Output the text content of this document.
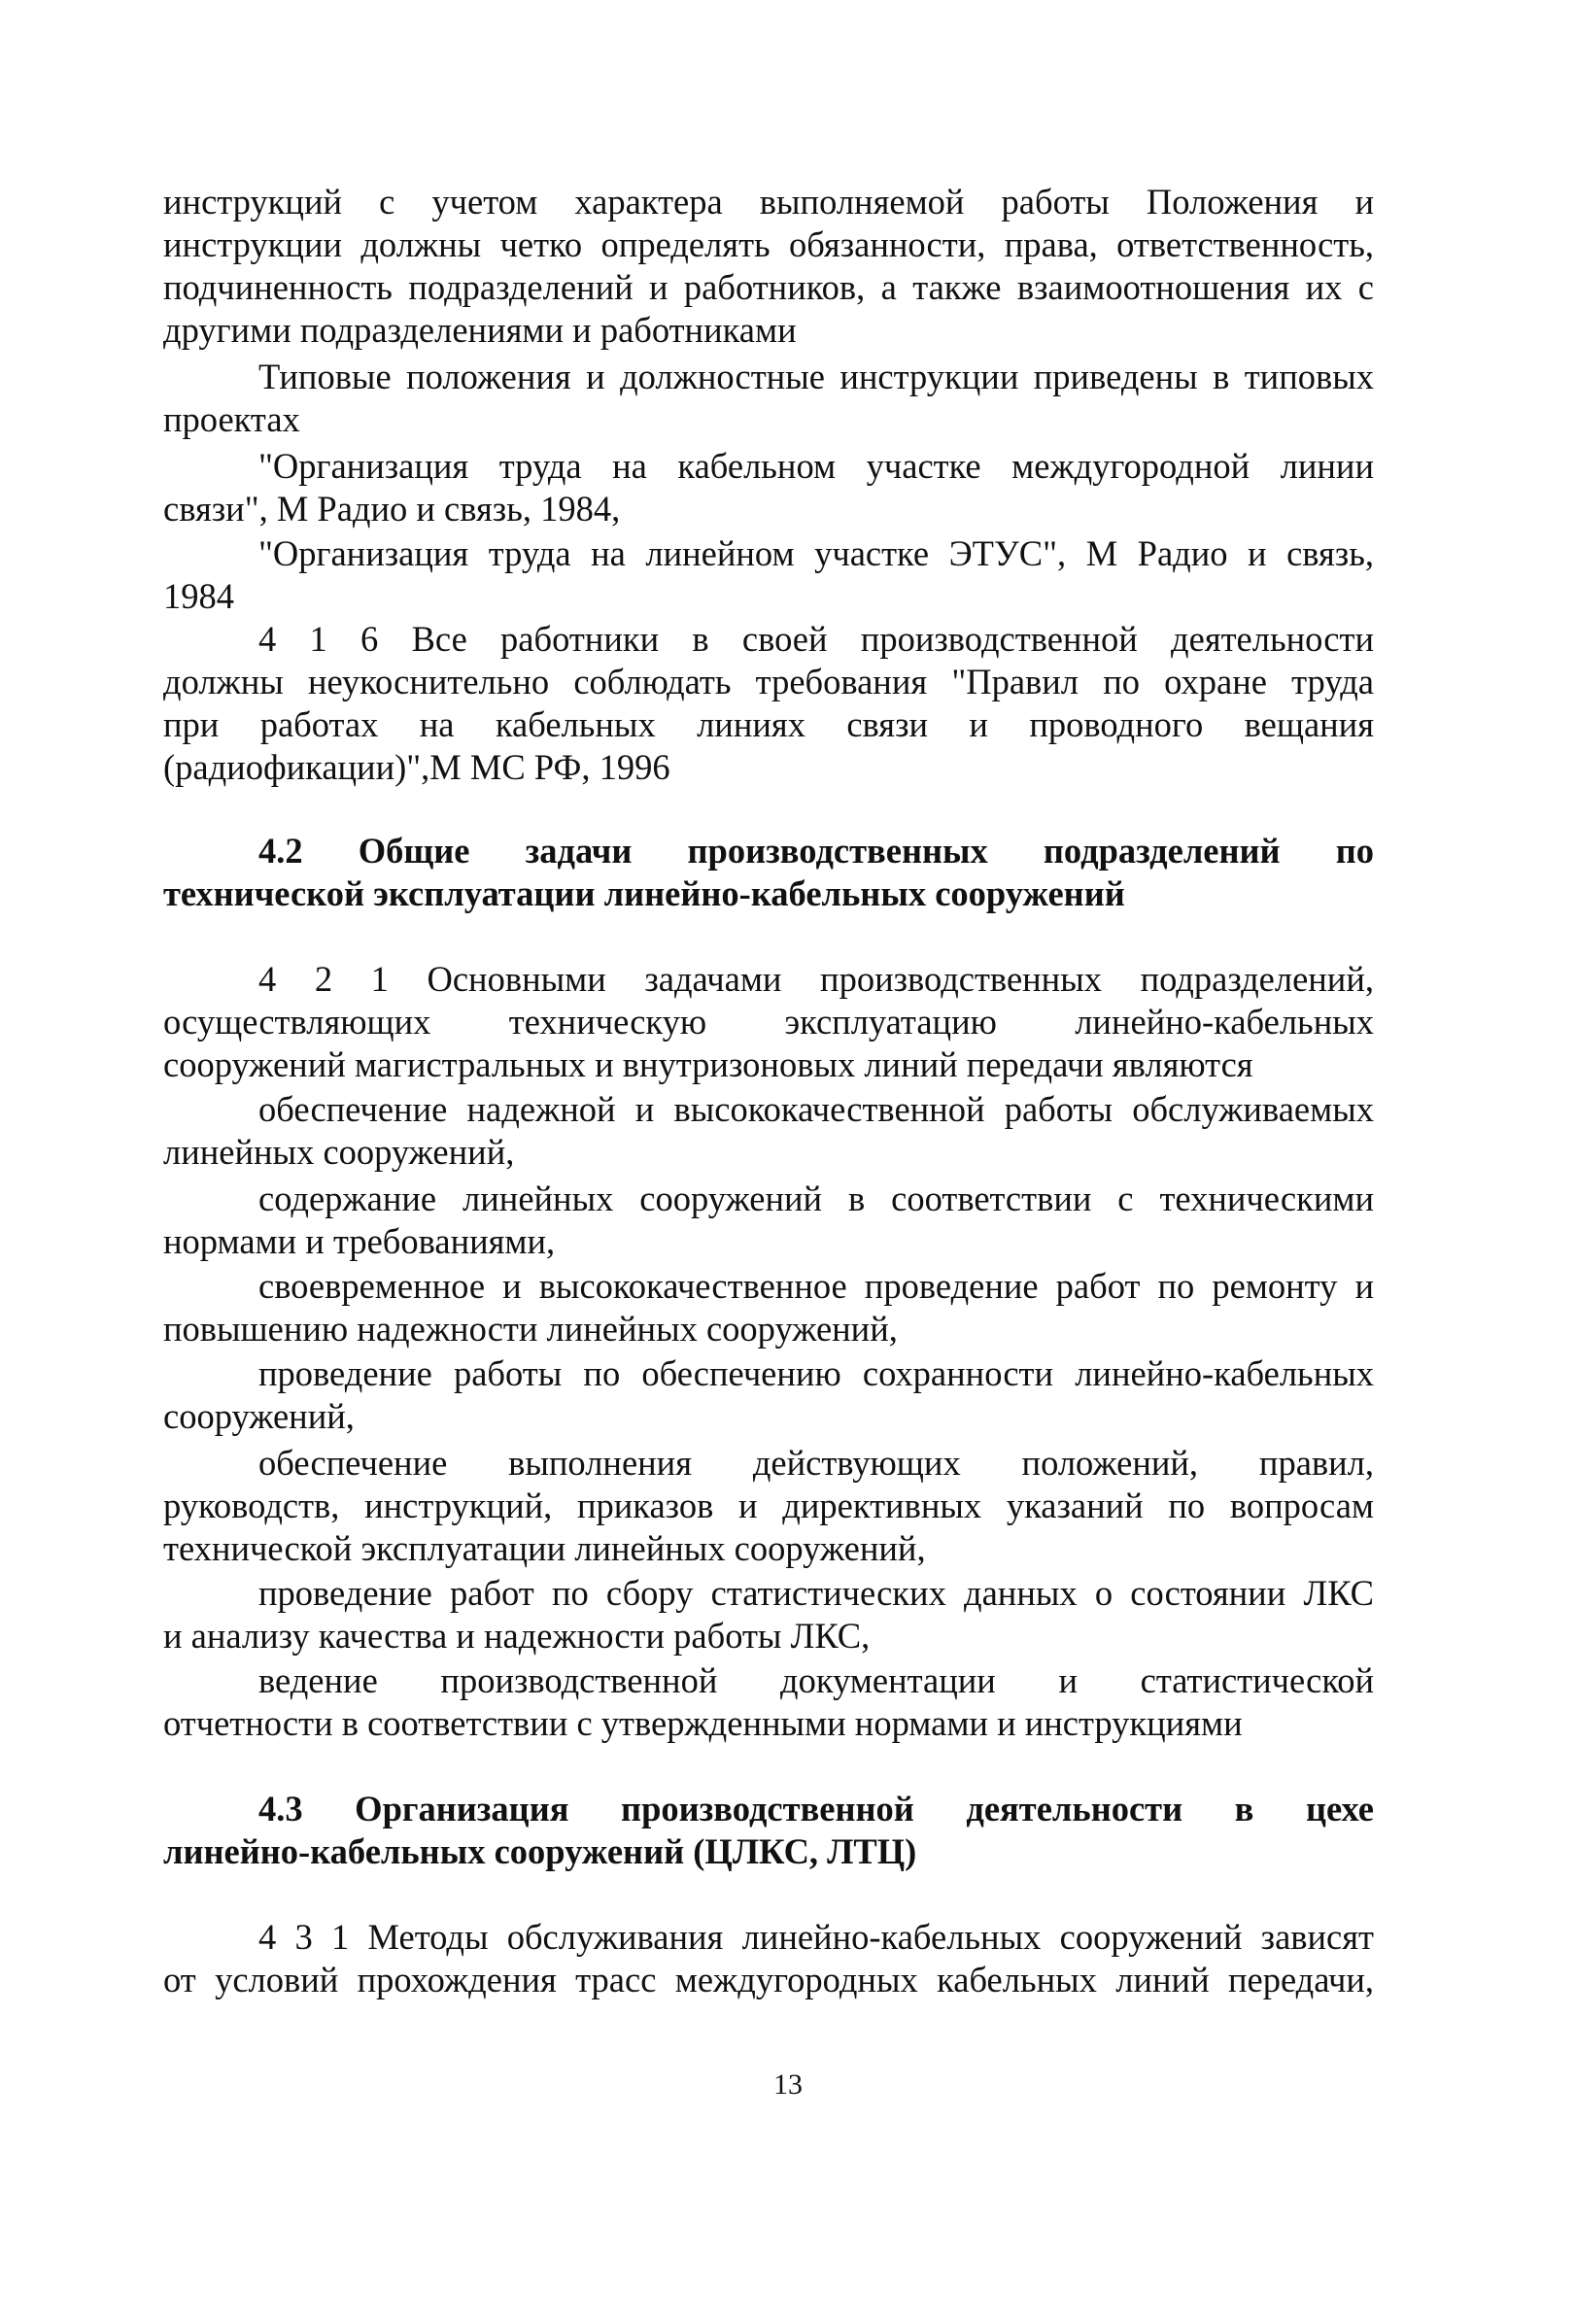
инструкций с учетом характера выполняемой работы Положения и
инструкции должны четко определять обязанности, права, ответственность,
подчиненность подразделений и работников, а также взаимоотношения их с
другими подразделениями и работниками
Типовые положения и должностные инструкции приведены в типовых
проектах
"Организация труда на кабельном участке междугородной линии
связи", М Радио и связь, 1984,
"Организация труда на линейном участке ЭТУС", М Радио и связь,
1984
4 1 6 Все работники в своей производственной деятельности
должны неукоснительно соблюдать требования "Правил по охране труда
при работах на кабельных линиях связи и проводного вещания
(радиофикации)",М МС РФ, 1996
4.2 Общие задачи производственных подразделений по
технической эксплуатации линейно-кабельных сооружений
4 2 1 Основными задачами производственных подразделений,
осуществляющих техническую эксплуатацию линейно-кабельных
сооружений магистральных и внутризоновых линий передачи являются
обеспечение надежной и высококачественной работы обслуживаемых
линейных сооружений,
содержание линейных сооружений в соответствии с техническими
нормами и требованиями,
своевременное и высококачественное проведение работ по ремонту и
повышению надежности линейных сооружений,
проведение работы по обеспечению сохранности линейно-кабельных
сооружений,
обеспечение выполнения действующих положений, правил,
руководств, инструкций, приказов и директивных указаний по вопросам
технической эксплуатации линейных сооружений,
проведение работ по сбору статистических данных о состоянии ЛКС
и анализу качества и надежности работы ЛКС,
ведение производственной документации и статистической
отчетности в соответствии с утвержденными нормами и инструкциями
4.3 Организация производственной деятельности в цехе
линейно-кабельных сооружений (ЦЛКС, ЛТЦ)
4 3 1 Методы обслуживания линейно-кабельных сооружений зависят
от условий прохождения трасс междугородных кабельных линий передачи,
13
